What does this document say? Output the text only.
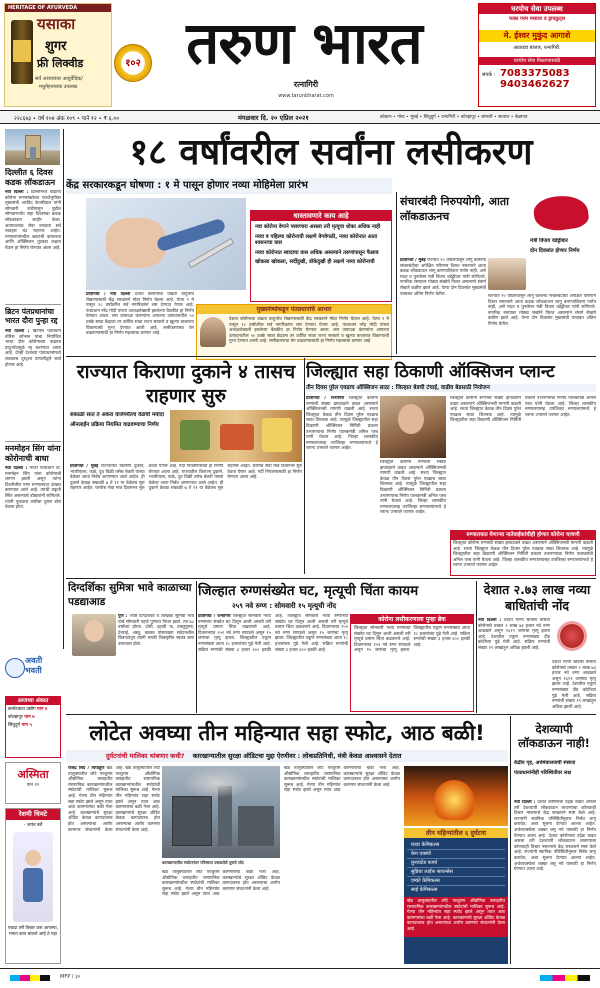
HERITAGE OF AYURVEDA
यसाका
शुगर
फ्री लिक्वीड
सर्व आजारांवर आयुर्वेदिक/
मधुमेहनाशक उपलब्ध
१०२ तरुण भारत
रत्नागिरी
www.tarunbharat.com
घरपोच सेवा उपलब्ध
फक्त गरम मसाला व ड्रायफ्रुट्स
मे. ईश्वर मुकुंद आगाशे
आठवडा बाजार, रत्नागिरी.
घरपोच सेवा मिळण्यासाठी
संपर्क : 7083375083
9403462627
२२८६७३ • वर्ष १०४ अंक १०९ • पाने १२ • ₹ ६.००	मंगळवार दि. २० एप्रिल २०२१	कोकण • गोवा • मुंबई • सिंधुदुर्ग • रत्नागिरी • कोल्हापूर • सांगली • सातारा • बेळगाव
दिल्लीत ६ दिवस कडक लॉकडाऊन
नवी दिल्ली : दिल्लीमध्ये वाढत्या कोरोना रुग्णसंख्येच्या पार्श्वभूमीवर मुख्यमंत्री अरविंद केजरीवाल यांनी सोमवारी रात्रीपासून पुढील सोमवारपर्यंत सहा दिवसांचा कडक लॉकडाऊन जाहीर केला. अत्यावश्यक सेवा वगळता सर्व व्यवहार बंद राहणार आहेत. रुग्णालयांमधील खाटांची कमतरता आणि ऑक्सिजन तुटवडा लक्षात घेऊन हा निर्णय घेण्यात आला आहे.
ब्रिटन पंतप्रधानांचा भारत दौरा पुन्हा रद्द
नवी दिल्ली : ब्रिटनचे पंतप्रधान बोरिस जॉन्सन यांचा नियोजित भारत दौरा कोरोनाच्या वाढत्या प्रादुर्भावामुळे रद्द करण्यात आला आहे. दोन्ही देशांच्या पंतप्रधानांमध्ये लवकरच दूरदृश्य प्रणालीद्वारे चर्चा होणार आहे.
मनमोहन सिंग यांना कोरोनाची बाधा
नवी दिल्ली : माजी पंतप्रधान डॉ. मनमोहन सिंग यांना कोरोनाची लागण झाली असून त्यांना दिल्लीतील एम्स रुग्णालयात दाखल करण्यात आले आहे. त्यांची प्रकृती स्थिर असल्याचे डॉक्टरांनी सांगितले. त्यांनी नुकताच लसीचा दुसरा डोस घेतला होता.
१८ वर्षांवरील सर्वांना लसीकरण
केंद्र सरकारकडून घोषणा : १ मे पासून होणार नव्या मोहिमेला प्रारंभ
धास्तावणारे काय आहे
नवा कोरोना वेगाने पसरणारा असला तरी मृत्यूचा धोका अधिक नाही
नव्या व पहिल्या कोरोनाची लक्षणे वेगवेगळी, नव्या कोरोनात आता श्वसनाचा त्रास
नव्या कोरोनात स्वादाचा वास अधिक असल्याने तरुणांपासून फैलाव
खोकला खोकला, सर्दीदुखी, डोकेदुखी ही लक्षणे नव्या कोरोनाची
प्रतिनिधी / नवी दिल्ली देशात कोरोनाचा वाढता प्रादुर्भाव रोखण्यासाठी केंद्र सरकारने मोठा निर्णय घेतला आहे. येत्या १ मे पासून १८ वर्षांवरील सर्व नागरिकांना लस देण्यात येणार आहे. पंतप्रधान नरेंद्र मोदी यांच्या अध्यक्षतेखाली झालेल्या बैठकीत हा निर्णय घेण्यात आला. लस उत्पादक कंपन्यांना आपल्या उत्पादनातील ५० टक्के साठा केंद्राला तर उर्वरित साठा राज्य सरकारे व खुल्या बाजारात विकण्याची मुभा देण्यात आली आहे. लसीकरणाचा वेग वाढवण्यासाठी हा निर्णय महत्त्वाचा ठरणार आहे.
मुख्यमंत्र्यांकडून पंतप्रधानांचे आभार
देशात कोरोनाचा वाढता प्रादुर्भाव रोखण्यासाठी केंद्र सरकारने मोठा निर्णय घेतला आहे. येत्या १ मे पासून १८ वर्षांवरील सर्व नागरिकांना लस देण्यात येणार आहे. पंतप्रधान नरेंद्र मोदी यांच्या अध्यक्षतेखाली झालेल्या बैठकीत हा निर्णय घेण्यात आला. लस उत्पादक कंपन्यांना आपल्या उत्पादनातील ५० टक्के साठा केंद्राला तर उर्वरित साठा राज्य सरकारे व खुल्या बाजारात विकण्याची मुभा देण्यात आली आहे. लसीकरणाचा वेग वाढवण्यासाठी हा निर्णय महत्त्वाचा ठरणार आहे.
संचारबंदी निरुपयोगी, आता लॉकडाऊनच
मंत्री विजय वडेट्टीवार
दोन दिवसांत होणार निर्णय
प्रतिनिधी / मुंबई राज्यात २० एप्रिलपासून लागू केलेल्या संचारबंदीचा अपेक्षित परिणाम दिसत नसल्याने आता कडक लॉकडाऊन लागू करण्याशिवाय पर्याय नाही, असे मदत व पुनर्वसन मंत्री विजय वडेट्टीवार यांनी सांगितले. नागरिक रस्त्यावर मोठ्या संख्येने फिरत असल्याने संसर्ग रोखणे कठीण झाले आहे. येत्या दोन दिवसांत मुख्यमंत्री याबाबत अंतिम निर्णय घेतील.	राज्यात २० एप्रिलपासून लागू केलेल्या संचारबंदीचा अपेक्षित परिणाम दिसत नसल्याने आता कडक लॉकडाऊन लागू करण्याशिवाय पर्याय नाही, असे मदत व पुनर्वसन मंत्री विजय वडेट्टीवार यांनी सांगितले. नागरिक रस्त्यावर मोठ्या संख्येने फिरत असल्याने संसर्ग रोखणे कठीण झाले आहे. येत्या दोन दिवसांत मुख्यमंत्री याबाबत अंतिम निर्णय घेतील.
राज्यात किराणा दुकाने ४ तासच राहणार सुरु
सकाळी सात ते अकरा वाजेपर्यंतच वेळेची मर्यादा
ऑनलाईन प्रक्रिया नियमित वाढवण्याचा निर्णय
प्रतिनिधी / मुंबई राज्यातील किराणा दुकाने, भाजीपाला, फळे, दूध विक्री तसेच बेकरी यांच्या वेळेवर आता निर्बंध आणण्यात आले आहेत. ही दुकाने केवळ सकाळी ७ ते ११ या वेळेतच सुरु राहणार आहेत. घरपोच सेवा मात्र दिवसभर सुरु ठेवता येणार आहे. गर्दी नियंत्रणासाठी हा निर्णय घेण्यात आला आहे. राज्यातील किराणा दुकाने, भाजीपाला, फळे, दूध विक्री तसेच बेकरी यांच्या वेळेवर आता निर्बंध आणण्यात आले आहेत. ही दुकाने केवळ सकाळी ७ ते ११ या वेळेतच सुरु राहणार आहेत. घरपोच सेवा मात्र दिवसभर सुरु ठेवता येणार आहे. गर्दी नियंत्रणासाठी हा निर्णय घेण्यात आला आहे.
जिल्ह्यात सहा ठिकाणी ऑक्सिजन प्लान्ट
तीन दिवस पुरेल एवढाच ऑक्सिजन साठा : जिल्हात बेडची टंचाई, वाढीव बेडसाठी नियोजन
प्रतिनिधी / रत्नागिरी जिल्ह्यात कोरोना रुग्णांची संख्या झपाट्याने वाढत असल्याने ऑक्सिजनची मागणी वाढली आहे. सध्या जिल्ह्यात केवळ तीन दिवस पुरेल एवढाच साठा शिल्लक आहे. त्यामुळे जिल्ह्यातील सहा ठिकाणी ऑक्सिजन निर्मिती प्रकल्प उभारण्याचा निर्णय पालकमंत्री अनिल परब यांनी घेतला आहे. जिल्हा शासकीय रुग्णालयासह उपजिल्हा रुग्णालयांमध्ये हे प्लान्ट उभारले जाणार आहेत.
जिल्ह्यात कोरोना रुग्णांची संख्या झपाट्याने वाढत असल्याने ऑक्सिजनची मागणी वाढली आहे. सध्या जिल्ह्यात केवळ तीन दिवस पुरेल एवढाच साठा शिल्लक आहे. त्यामुळे जिल्ह्यातील सहा ठिकाणी ऑक्सिजन निर्मिती प्रकल्प उभारण्याचा निर्णय पालकमंत्री अनिल परब यांनी घेतला आहे. जिल्हा शासकीय रुग्णालयासह उपजिल्हा रुग्णालयांमध्ये हे प्लान्ट उभारले जाणार आहेत.
जिल्ह्यात कोरोना रुग्णांची संख्या झपाट्याने वाढत असल्याने ऑक्सिजनची मागणी वाढली आहे. सध्या जिल्ह्यात केवळ तीन दिवस पुरेल एवढाच साठा शिल्लक आहे. त्यामुळे जिल्ह्यातील सहा ठिकाणी ऑक्सिजन निर्मिती प्रकल्प उभारण्याचा निर्णय पालकमंत्री अनिल परब यांनी घेतला आहे. जिल्हा शासकीय रुग्णालयासह उपजिल्हा रुग्णालयांमध्ये हे प्लान्ट उभारले जाणार आहेत.
रुग्णालयात येणाऱ्या नातेवाईकांचीही होणार कोरोना चाचणी
जिल्ह्यात कोरोना रुग्णांची संख्या झपाट्याने वाढत असल्याने ऑक्सिजनची मागणी वाढली आहे. सध्या जिल्ह्यात केवळ तीन दिवस पुरेल एवढाच साठा शिल्लक आहे. त्यामुळे जिल्ह्यातील सहा ठिकाणी ऑक्सिजन निर्मिती प्रकल्प उभारण्याचा निर्णय पालकमंत्री अनिल परब यांनी घेतला आहे. जिल्हा शासकीय रुग्णालयासह उपजिल्हा रुग्णालयांमध्ये हे प्लान्ट उभारले जाणार आहेत.
दिग्दर्शिका सुमित्रा भावे काळाच्या पडद्याआड
पुणे : ज्येष्ठ दिग्दर्शिका व लेखिका सुमित्रा भावे यांचे सोमवारी पहाटे पुण्यात निधन झाले. त्या ७८ वर्षांच्या होत्या. दोघी, दहावी फ, वास्तुपुरुष, देवराई, अस्तु, कासव यांसारख्या संवेदनशील चित्रपटांतून त्यांनी मराठी चित्रसृष्टीत स्वतंत्र ठसा उमटवला होता.
जिल्हात रुग्णसंख्येत घट, मृत्यूची चिंता कायम
२५९ नवे रुग्ण : सोमवारी १५ मृत्यूची नोंद
प्रतिनिधी / रत्नागिरी जिल्ह्यात सोमवारी नव्या रुग्णांच्या संख्येत घट दिसून आली असली तरी मृत्यूचे प्रमाण चिंता वाढवणारे आहे. दिवसभरात २५९ नवे रुग्ण सापडले असून १५ जणांचा मृत्यू झाला. जिल्ह्यातील एकूण रुग्णसंख्या आता १८ हजारांच्या पुढे गेली आहे. सक्रिय रुग्णांची संख्या ३ हजार ४०० इतकी आहे. जिल्ह्यात सोमवारी नव्या रुग्णांच्या संख्येत घट दिसून आली असली तरी मृत्यूचे प्रमाण चिंता वाढवणारे आहे. दिवसभरात २५९ नवे रुग्ण सापडले असून १५ जणांचा मृत्यू झाला. जिल्ह्यातील एकूण रुग्णसंख्या आता १८ हजारांच्या पुढे गेली आहे. सक्रिय रुग्णांची संख्या ३ हजार ४०० इतकी आहे.
कोरोना लसीकरणाला पुन्हा ब्रेक
जिल्ह्यात सोमवारी नव्या रुग्णांच्या संख्येत घट दिसून आली असली तरी मृत्यूचे प्रमाण चिंता वाढवणारे आहे. दिवसभरात २५९ नवे रुग्ण सापडले असून १५ जणांचा मृत्यू झाला. जिल्ह्यातील एकूण रुग्णसंख्या आता १८ हजारांच्या पुढे गेली आहे. सक्रिय रुग्णांची संख्या ३ हजार ४०० इतकी आहे.
देशात २.७३ लाख नव्या बाधितांची नोंद
नवी दिल्ली : देशात गेल्या चोवीस तासांत कोरोनाचे तब्बल २ लाख ७३ हजार नवे रुग्ण आढळले असून १६१९ जणांचा मृत्यू झाला आहे. देशातील एकूण रुग्णसंख्या दीड कोटींच्या पुढे गेली आहे. सक्रिय रुग्णांची संख्या १९ लाखांहून अधिक झाली आहे.
देशात गेल्या चोवीस तासांत कोरोनाचे तब्बल २ लाख ७३ हजार नवे रुग्ण आढळले असून १६१९ जणांचा मृत्यू झाला आहे. देशातील एकूण रुग्णसंख्या दीड कोटींच्या पुढे गेली आहे. सक्रिय रुग्णांची संख्या १९ लाखांहून अधिक झाली आहे.
अवती भवती
आजच्या अंकात
कर्नाटकात उद्योग पान ४
कोल्हापूर पान ७
सिंधुदुर्ग पान ५
अस्मिता
पान ११
रेशमी चिमटे
- जयंत बर्वे
एकदा तरी विचार करा आपल्या, मनात काय चालले आहे ते पहा
लोटेत अवघ्या तीन महिन्यात सहा स्फोट, आठ बळी!
दुर्घटनांची मालिका थांबणार कधी? कारखान्यातील सुरक्षा ऑडिटचा मुद्दा ऐरणीवर : लोकप्रतिनिधी, मंत्री केवळ आश्वासने देतात
राजेंद्र शिंदे / चिपळूण खेड तालुक्यातील लोटे परशुराम औद्योगिक वसाहतीत रासायनिक कारखान्यांमधील स्फोटांची मालिका सुरूच आहे. गेल्या तीन महिन्यांत सहा स्फोट झाले असून त्यात आठ कामगारांचा बळी गेला आहे. कारखान्यांचे सुरक्षा ऑडिट केवळ कागदावरच होत असल्याचा आरोप कामगार संघटनांनी केला आहे. खेड तालुक्यातील लोटे परशुराम औद्योगिक वसाहतीत रासायनिक कारखान्यांमधील स्फोटांची मालिका सुरूच आहे. गेल्या तीन महिन्यांत सहा स्फोट झाले असून त्यात आठ कामगारांचा बळी गेला आहे. कारखान्यांचे सुरक्षा ऑडिट केवळ कागदावरच होत असल्याचा आरोप कामगार संघटनांनी केला आहे.
कारखान्यातील स्फोटानंतर परिसरात उसळलेले धुराचे लोट
खेड तालुक्यातील लोटे परशुराम औद्योगिक वसाहतीत रासायनिक कारखान्यांमधील स्फोटांची मालिका सुरूच आहे. गेल्या तीन महिन्यांत सहा स्फोट झाले असून त्यात आठ कामगारांचा बळी गेला आहे. कारखान्यांचे सुरक्षा ऑडिट केवळ कागदावरच होत असल्याचा आरोप कामगार संघटनांनी केला आहे.
खेड तालुक्यातील लोटे परशुराम औद्योगिक वसाहतीत रासायनिक कारखान्यांमधील स्फोटांची मालिका सुरूच आहे. गेल्या तीन महिन्यांत सहा स्फोट झाले असून त्यात आठ कामगारांचा बळी गेला आहे. कारखान्यांचे सुरक्षा ऑडिट केवळ कागदावरच होत असल्याचा आरोप कामगार संघटनांनी केला आहे.
तीन महिन्यांतील ६ दुर्घटना
घरडा केमिकल्स
केम एक्स्पो
युनायटेड फार्मा
सुप्रिया लाईफ सायन्सेस
एम्को केमिकल्स
साई केमिकल्स
खेड तालुक्यातील लोटे परशुराम औद्योगिक वसाहतीत रासायनिक कारखान्यांमधील स्फोटांची मालिका सुरूच आहे. गेल्या तीन महिन्यांत सहा स्फोट झाले असून त्यात आठ कामगारांचा बळी गेला आहे. कारखान्यांचे सुरक्षा ऑडिट केवळ कागदावरच होत असल्याचा आरोप कामगार संघटनांनी केला आहे.
देशव्यापी लॉकडाऊन नाही!
केंद्रीय गृह, अर्थमंत्रालयाची स्पष्टता
पंतप्रधानांनीही परिस्थितीवर लक्ष
नवी दिल्ली : देशात कोरोनाचा उद्रेक वाढत असला तरी देशव्यापी लॉकडाऊन लावण्याचा कोणताही विचार नसल्याचे केंद्र सरकारने स्पष्ट केले आहे. राज्यांनी स्थानिक परिस्थितीनुसार निर्बंध लागू करावेत, अशा सूचना देण्यात आल्या आहेत. अर्थव्यवस्थेला धक्का बसू नये यासाठी हा निर्णय घेण्यात आला आहे. देशात कोरोनाचा उद्रेक वाढत असला तरी देशव्यापी लॉकडाऊन लावण्याचा कोणताही विचार नसल्याचे केंद्र सरकारने स्पष्ट केले आहे. राज्यांनी स्थानिक परिस्थितीनुसार निर्बंध लागू करावेत, अशा सूचना देण्यात आल्या आहेत. अर्थव्यवस्थेला धक्का बसू नये यासाठी हा निर्णय घेण्यात आला आहे.
MFP / ३०
